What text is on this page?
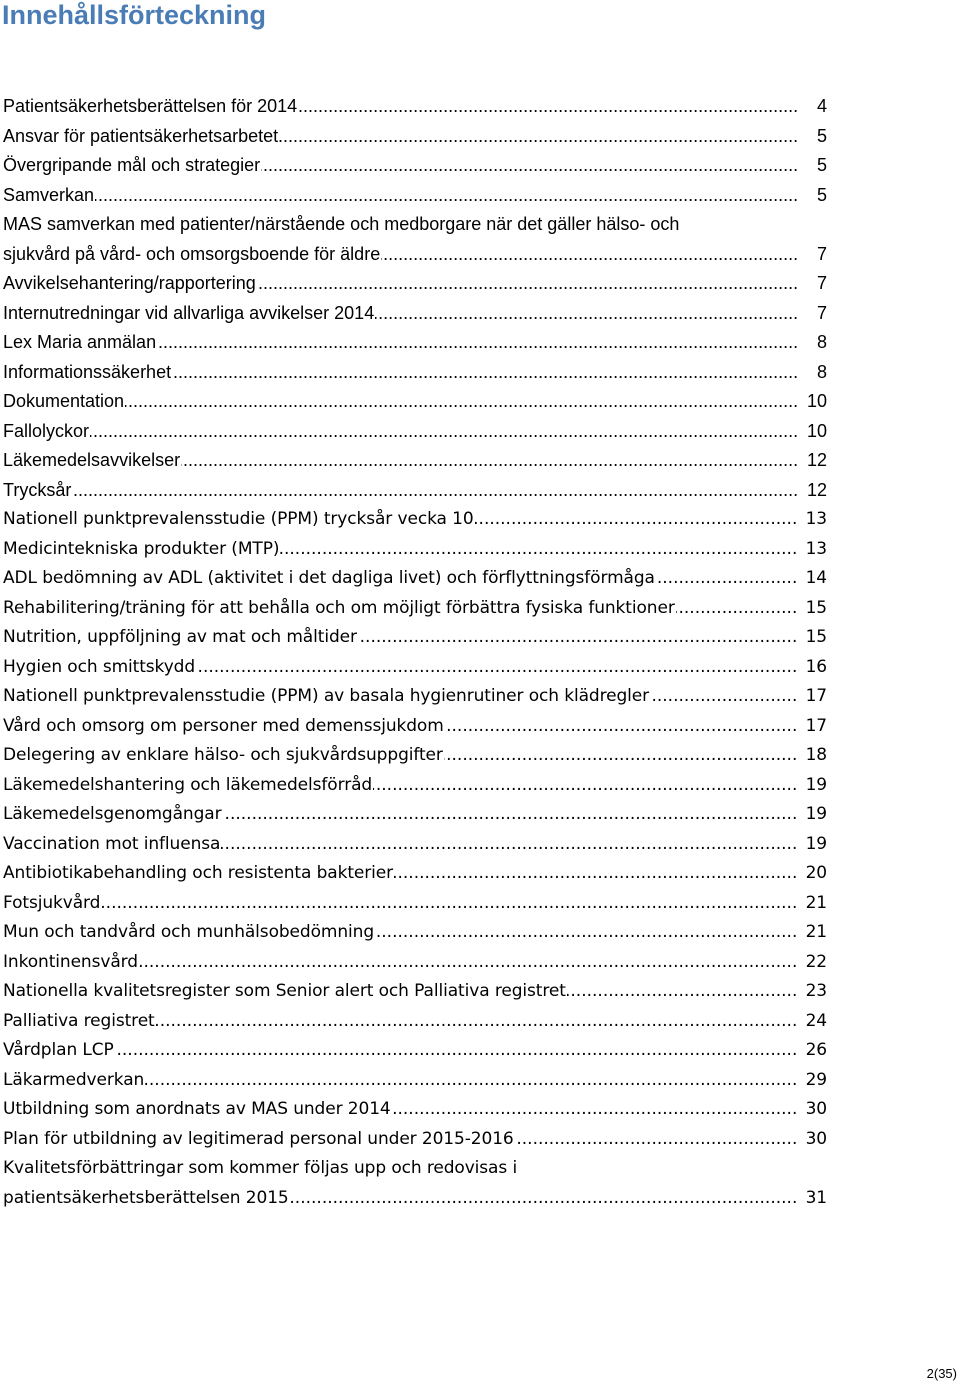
Innehållsförteckning
.....
Patientsäkerhetsberättelsen för 2014	4
.....
Ansvar för patientsäkerhetsarbetet	5
.....
Övergripande mål och strategier	5
.....
Samverkan	5
MAS samverkan med patienter/närstående och medborgare när det gäller hälso- och
.....
sjukvård på vård- och omsorgsboende för äldre	7
.....
Avvikelsehantering/rapportering	7
.....
Internutredningar vid allvarliga avvikelser 2014	7
.....
Lex Maria anmälan	8
.....
Informationssäkerhet	8
.....
Dokumentation	10
.....
Fallolyckor	10
.....
Läkemedelsavvikelser	12
.....
Trycksår	12
.....
Nationell punktprevalensstudie (PPM) trycksår vecka 10	13
.....
Medicintekniska produkter (MTP)	13
.....
ADL bedömning av ADL (aktivitet i det dagliga livet) och förflyttningsförmåga	14
.....
Rehabilitering/träning för att behålla och om möjligt förbättra fysiska funktioner	15
.....
Nutrition, uppföljning av mat och måltider	15
.....
Hygien och smittskydd	16
.....
Nationell punktprevalensstudie (PPM) av basala hygienrutiner och klädregler	17
.....
Vård och omsorg om personer med demenssjukdom	17
.....
Delegering av enklare hälso- och sjukvårdsuppgifter	18
.....
Läkemedelshantering och läkemedelsförråd	19
.....
Läkemedelsgenomgångar	19
.....
Vaccination mot influensa	19
.....
Antibiotikabehandling och resistenta bakterier	20
.....
Fotsjukvård	21
.....
Mun och tandvård och munhälsobedömning	21
.....
Inkontinensvård	22
.....
Nationella kvalitetsregister som Senior alert och Palliativa registret	23
.....
Palliativa registret	24
.....
Vårdplan LCP	26
.....
Läkarmedverkan	29
.....
Utbildning som anordnats av MAS under 2014	30
.....
Plan för utbildning av legitimerad personal under 2015-2016	30
Kvalitetsförbättringar som kommer följas upp och redovisas i
.....
patientsäkerhetsberättelsen 2015	31
2(35)
